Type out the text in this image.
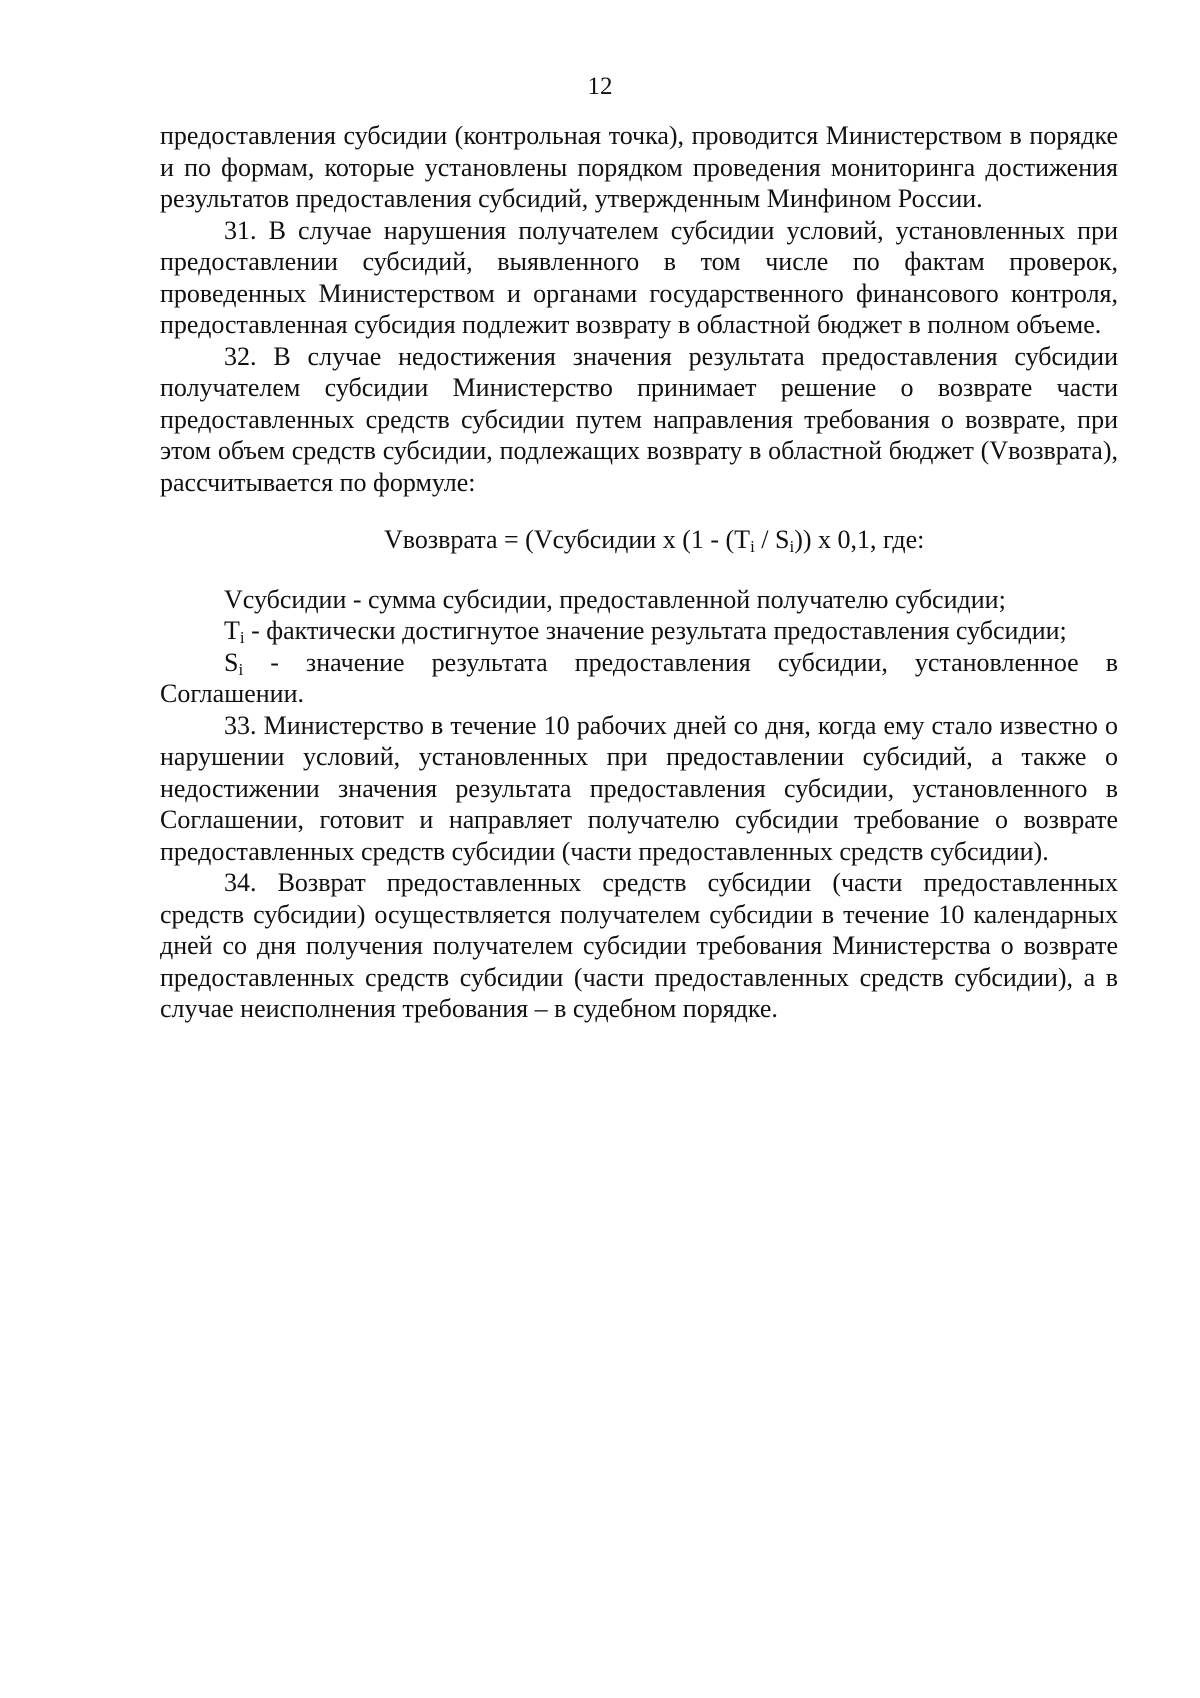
12

предоставления субсидии (контрольная точка), проводится Министерством в порядке и по формам, которые установлены порядком проведения мониторинга достижения результатов предоставления субсидий, утвержденным Минфином России.

31. В случае нарушения получателем субсидии условий, установленных при предоставлении субсидий, выявленного в том числе по фактам проверок, проведенных Министерством и органами государственного финансового контроля, предоставленная субсидия подлежит возврату в областной бюджет в полном объеме.

32. В случае недостижения значения результата предоставления субсидии получателем субсидии Министерство принимает решение о возврате части предоставленных средств субсидии путем направления требования о возврате, при этом объем средств субсидии, подлежащих возврату в областной бюджет (Vвозврата), рассчитывается по формуле:

Vвозврата = (Vсубсидии x $(1 - (T_i / S_i))$ x 0,1, где:

Vсубсидии - сумма субсидии, предоставленной получателю субсидии;

$T_i$ - фактически достигнутое значение результата предоставления субсидии;

$S_i$ - значение результата предоставления субсидии, установленное в Соглашении.

33. Министерство в течение 10 рабочих дней со дня, когда ему стало известно о нарушении условий, установленных при предоставлении субсидий, а также о недостижении значения результата предоставления субсидии, установленного в Соглашении, готовит и направляет получателю субсидии требование о возврате предоставленных средств субсидии (части предоставленных средств субсидии).

34. Возврат предоставленных средств субсидии (части предоставленных средств субсидии) осуществляется получателем субсидии в течение 10 календарных дней со дня получения получателем субсидии требования Министерства о возврате предоставленных средств субсидии (части предоставленных средств субсидии), а в случае неисполнения требования – в судебном порядке.
